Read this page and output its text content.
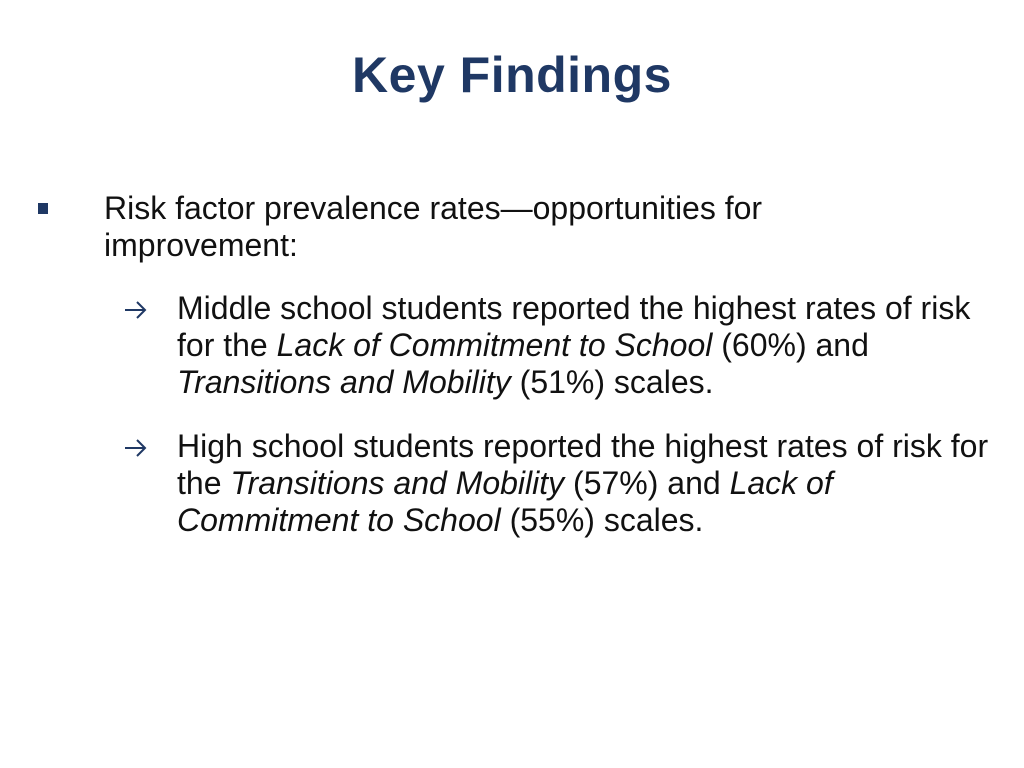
Key Findings
Risk factor prevalence rates—opportunities for improvement:
Middle school students reported the highest rates of risk for the Lack of Commitment to School (60%) and Transitions and Mobility (51%) scales.
High school students reported the highest rates of risk for the Transitions and Mobility (57%) and Lack of Commitment to School (55%) scales.
